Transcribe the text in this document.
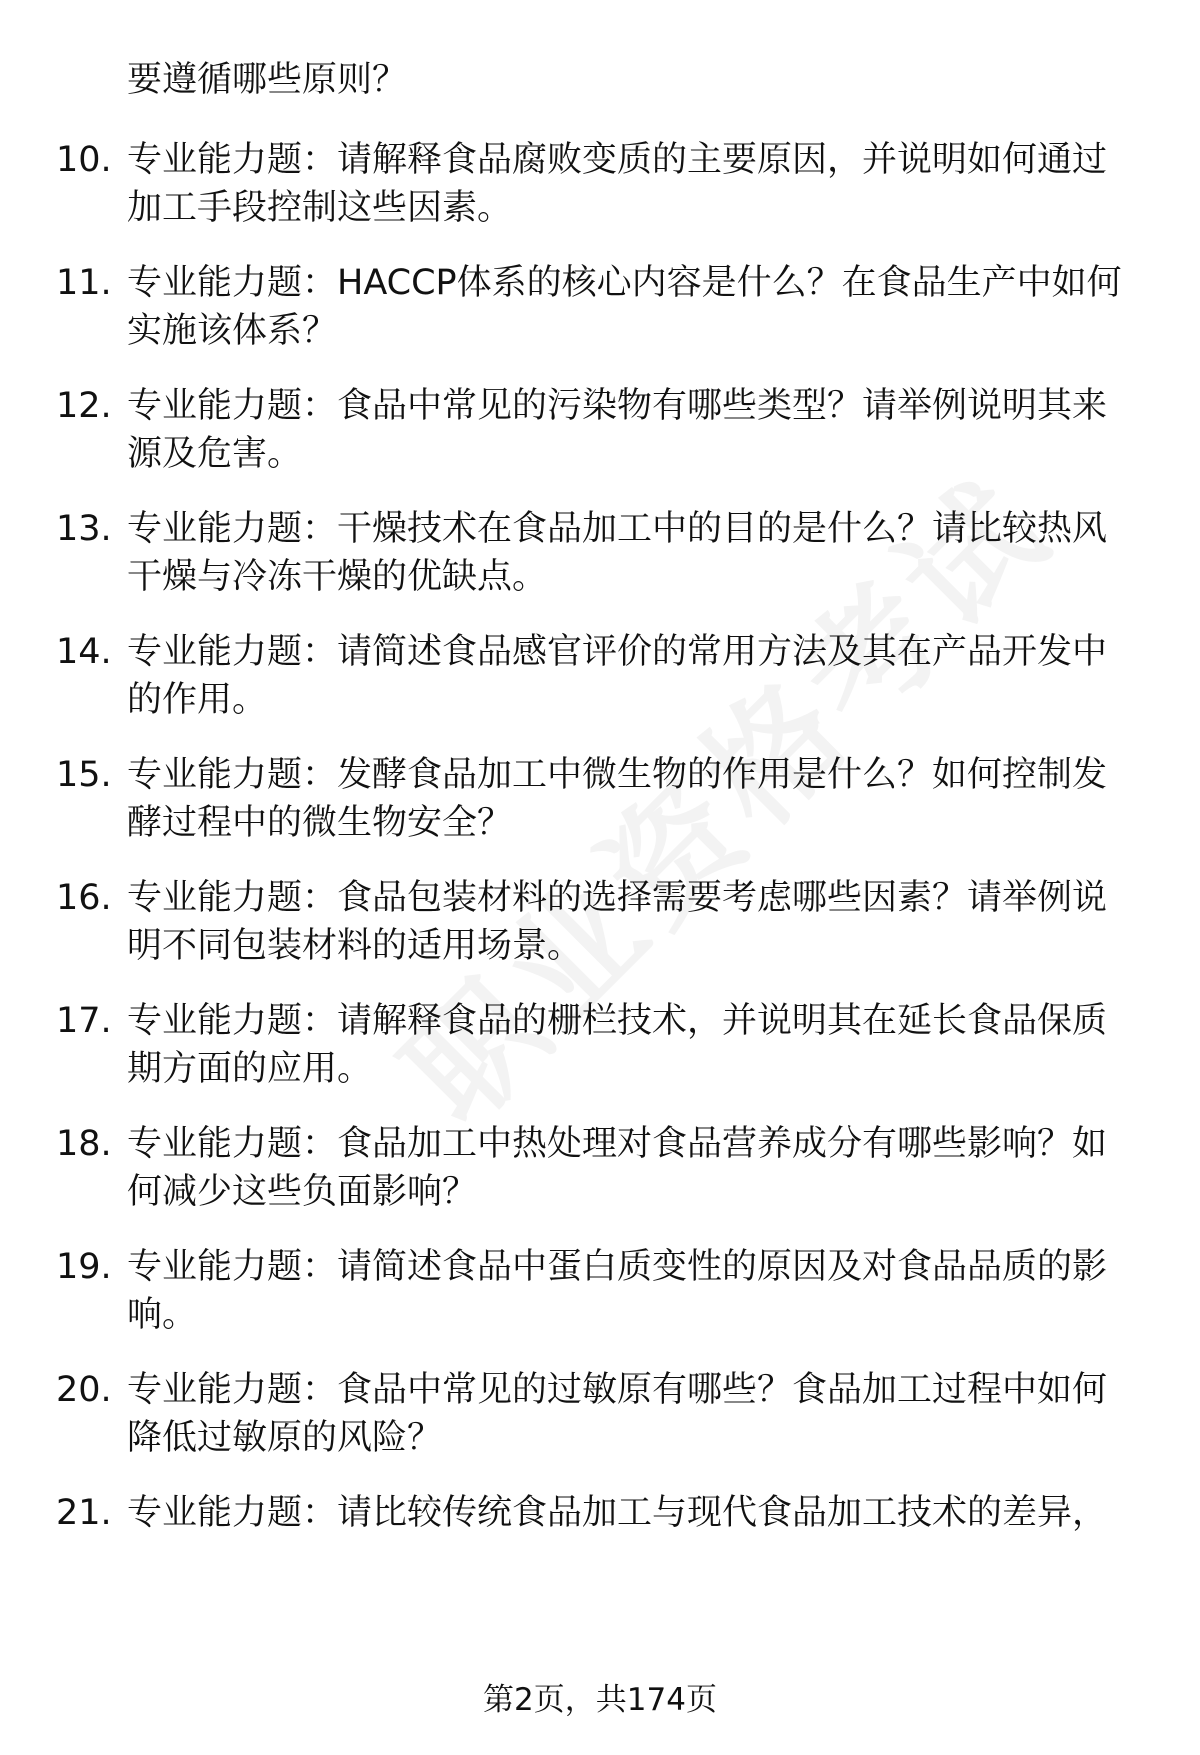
要遵循哪些原则？
10. 专业能力题：请解释食品腐败变质的主要原因，并说明如何通过
加工手段控制这些因素。
11. 专业能力题：HACCP体系的核心内容是什么？在食品生产中如何
实施该体系？
12. 专业能力题：食品中常见的污染物有哪些类型？请举例说明其来
源及危害。
13. 专业能力题：干燥技术在食品加工中的目的是什么？请比较热风
干燥与冷冻干燥的优缺点。
14. 专业能力题：请简述食品感官评价的常用方法及其在产品开发中
的作用。
15. 专业能力题：发酵食品加工中微生物的作用是什么？如何控制发
酵过程中的微生物安全？
16. 专业能力题：食品包装材料的选择需要考虑哪些因素？请举例说
明不同包装材料的适用场景。
17. 专业能力题：请解释食品的栅栏技术，并说明其在延长食品保质
期方面的应用。
18. 专业能力题：食品加工中热处理对食品营养成分有哪些影响？如
何减少这些负面影响？
19. 专业能力题：请简述食品中蛋白质变性的原因及对食品品质的影
响。
20. 专业能力题：食品中常见的过敏原有哪些？食品加工过程中如何
降低过敏原的风险？
21. 专业能力题：请比较传统食品加工与现代食品加工技术的差异，
第2页，共174页
